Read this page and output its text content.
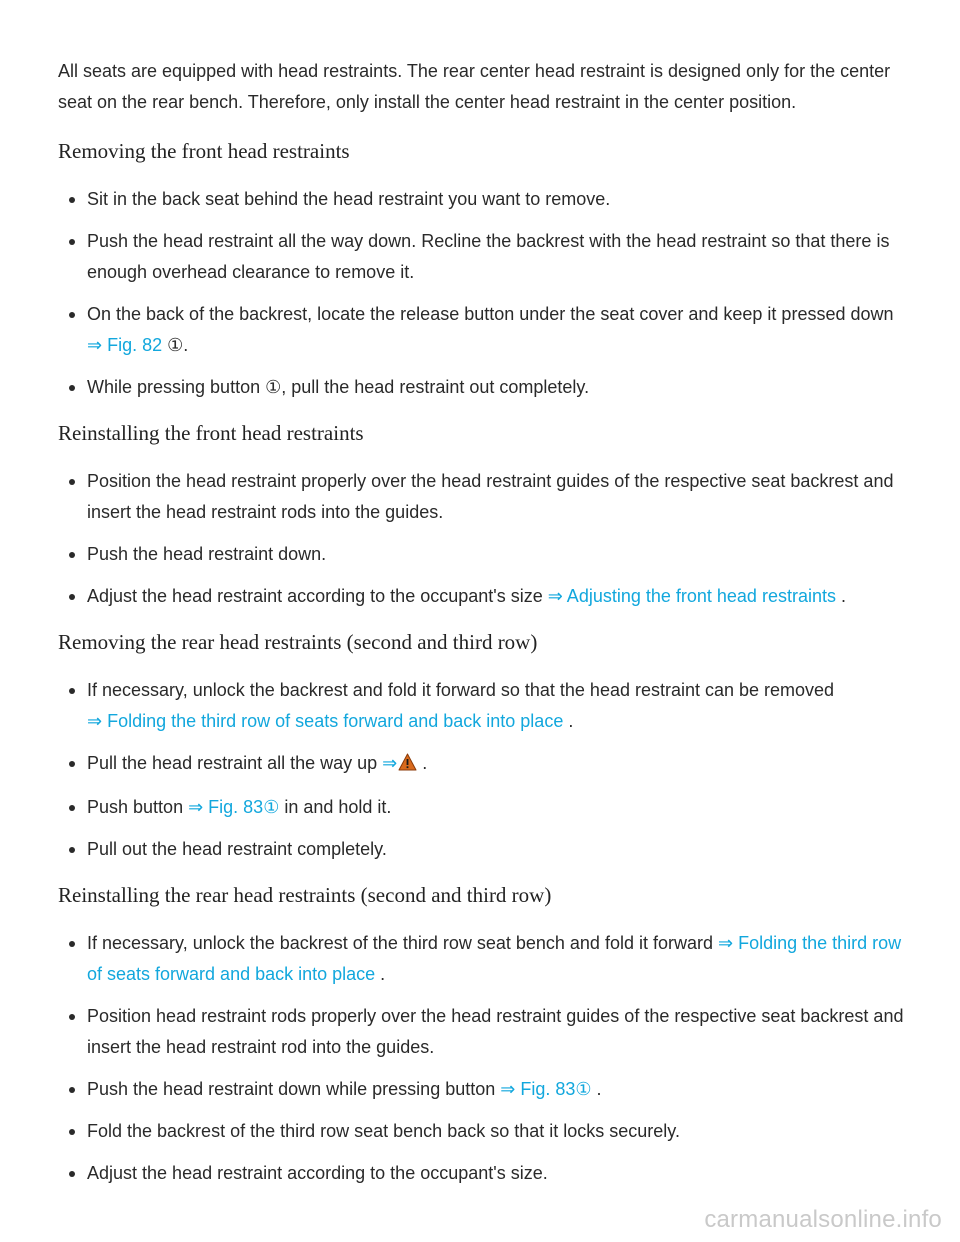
All seats are equipped with head restraints. The rear center head restraint is designed only for the center seat on the rear bench. Therefore, only install the center head restraint in the center position.

Removing the front head restraints
Sit in the back seat behind the head restraint you want to remove.
Push the head restraint all the way down. Recline the backrest with the head restraint so that there is enough overhead clearance to remove it.
On the back of the backrest, locate the release button under the seat cover and keep it pressed down ⇒ Fig. 82 ①.
While pressing button ①, pull the head restraint out completely.
Reinstalling the front head restraints
Position the head restraint properly over the head restraint guides of the respective seat backrest and insert the head restraint rods into the guides.
Push the head restraint down.
Adjust the head restraint according to the occupant's size ⇒ Adjusting the front head restraints .
Removing the rear head restraints (second and third row)
If necessary, unlock the backrest and fold it forward so that the head restraint can be removed
⇒ Folding the third row of seats forward and back into place .
Pull the head restraint all the way up ⇒ .
Push button ⇒ Fig. 83① in and hold it.
Pull out the head restraint completely.
Reinstalling the rear head restraints (second and third row)
If necessary, unlock the backrest of the third row seat bench and fold it forward ⇒ Folding the third row of seats forward and back into place .
Position head restraint rods properly over the head restraint guides of the respective seat backrest and insert the head restraint rod into the guides.
Push the head restraint down while pressing button ⇒ Fig. 83① .
Fold the backrest of the third row seat bench back so that it locks securely.
Adjust the head restraint according to the occupant's size.
carmanualsonline.info
